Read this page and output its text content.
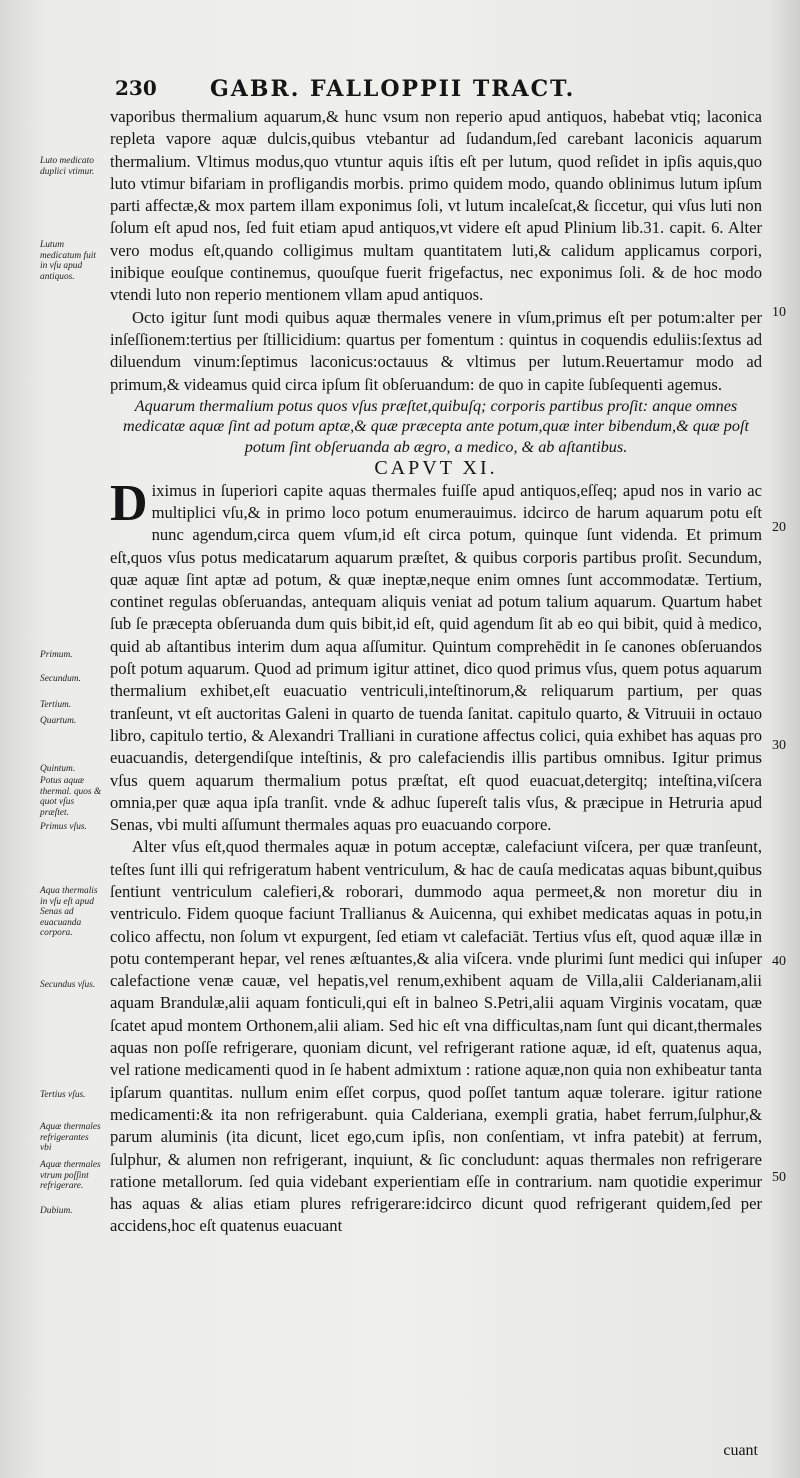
230 GABR. FALLOPPII TRACT.

vaporibus thermalium aquarum,& hunc vsum non reperio apud antiquos, habebat vtiq; laconica repleta vapore aquæ dulcis,quibus vtebantur ad ſudandum,ſed carebant laconicis aquarum thermalium. Vltimus modus,quo vtuntur aquis iſtis eſt per lutum, quod reſidet in ipſis aquis,quo luto vtimur bifariam in profligandis morbis. primo quidem modo, quando oblinimus lutum ipſum parti affectæ,& mox partem illam exponimus ſoli, vt lutum incaleſcat,& ſiccetur, qui vſus luti non ſolum eſt apud nos, ſed fuit etiam apud antiquos,vt videre eſt apud Plinium lib.31. capit. 6. Alter vero modus eſt,quando colligimus multam quantitatem luti,& calidum applicamus corpori, inibique eouſque continemus, quouſque fuerit frigefactus, nec exponimus ſoli. & de hoc modo vtendi luto non reperio mentionem vllam apud antiquos.

Octo igitur ſunt modi quibus aquæ thermales venere in vſum,primus eſt per potum:alter per inſeſſionem:tertius per ſtillicidium: quartus per fomentum : quintus in coquendis eduliis:ſextus ad diluendum vinum:ſeptimus laconicus:octauus & vltimus per lutum.Reuertamur modo ad primum,& videamus quid circa ipſum ſit obſeruandum: de quo in capite ſubſequenti agemus.

Aquarum thermalium potus quos vſus præſtet,quibuſq; corporis partibus proſit: anque omnes medicatæ aquæ ſint ad potum aptæ,& quæ præcepta ante potum,quæ inter bibendum,& quæ poſt potum ſint obſeruanda ab ægro, a medico, & ab aſtantibus.

CAPVT XI.

Diximus in ſuperiori capite aquas thermales fuiſſe apud antiquos,eſſeq; apud nos in vario ac multiplici vſu,& in primo loco potum enumerauimus. idcirco de harum aquarum potu eſt nunc agendum,circa quem vſum,id eſt circa potum, quinque ſunt videnda. Et primum eſt,quos vſus potus medicatarum aquarum præſtet, & quibus corporis partibus proſit. Secundum, quæ aquæ ſint aptæ ad potum, & quæ ineptæ,neque enim omnes ſunt accommodatæ. Tertium, continet regulas obſeruandas, antequam aliquis veniat ad potum talium aquarum. Quartum habet ſub ſe præcepta obſeruanda dum quis bibit,id eſt, quid agendum ſit ab eo qui bibit, quid à medico, quid ab aſtantibus interim dum aqua aſſumitur. Quintum comprehēdit in ſe canones obſeruandos poſt potum aquarum. Quod ad primum igitur attinet, dico quod primus vſus, quem potus aquarum thermalium exhibet,eſt euacuatio ventriculi,inteſtinorum,& reliquarum partium, per quas tranſeunt, vt eſt auctoritas Galeni in quarto de tuenda ſanitat. capitulo quarto, & Vitruuii in octauo libro, capitulo tertio, & Alexandri Tralliani in curatione affectus colici, quia exhibet has aquas pro euacuandis, detergendiſque inteſtinis, & pro calefaciendis illis partibus omnibus. Igitur primus vſus quem aquarum thermalium potus præſtat, eſt quod euacuat,detergitq; inteſtina,viſcera omnia,per quæ aqua ipſa tranſit. vnde & adhuc ſupereſt talis vſus, & præcipue in Hetruria apud Senas, vbi multi aſſumunt thermales aquas pro euacuando corpore.

Alter vſus eſt,quod thermales aquæ in potum acceptæ, calefaciunt viſcera, per quæ tranſeunt, teſtes ſunt illi qui refrigeratum habent ventriculum, & hac de cauſa medicatas aquas bibunt,quibus ſentiunt ventriculum calefieri,& roborari, dummodo aqua permeet,& non moretur diu in ventriculo. Fidem quoque faciunt Trallianus & Auicenna, qui exhibet medicatas aquas in potu,in colico affectu, non ſolum vt expurgent, ſed etiam vt calefaciāt. Tertius vſus eſt, quod aquæ illæ in potu contemperant hepar, vel renes æſtuantes,& alia viſcera. vnde plurimi ſunt medici qui inſuper calefactione venæ cauæ, vel hepatis,vel renum,exhibent aquam de Villa,alii Calderianam,alii aquam Brandulæ,alii aquam fonticuli,qui eſt in balneo S.Petri,alii aquam Virginis vocatam, quæ ſcatet apud montem Orthonem,alii aliam. Sed hic eſt vna difficultas,nam ſunt qui dicant,thermales aquas non poſſe refrigerare, quoniam dicunt, vel refrigerant ratione aquæ, id eſt, quatenus aqua, vel ratione medicamenti quod in ſe habent admixtum : ratione aquæ,non quia non exhibeatur tanta ipſarum quantitas. nullum enim eſſet corpus, quod poſſet tantum aquæ tolerare. igitur ratione medicamenti:& ita non refrigerabunt. quia Calderiana, exempli gratia, habet ferrum,ſulphur,& parum aluminis (ita dicunt, licet ego,cum ipſis, non conſentiam, vt infra patebit) at ferrum, ſulphur, & alumen non refrigerant, inquiunt, & ſic concludunt: aquas thermales non refrigerare ratione metallorum. ſed quia videbant experientiam eſſe in contrarium. nam quotidie experimur has aquas & alias etiam plures refrigerare:idcirco dicunt quod refrigerant quidem,ſed per accidens,hoc eſt quatenus euacuant

Luto medicato duplici vtimur.
Lutum medicatum fuit in vſu apud antiquos.
Primum.
Secundum.
Tertium.
Quartum.
Quintum.
Potus aquæ thermal. quos & quot vſus præſtet.
Primus vſus.
Aqua thermalis in vſu eſt apud Senas ad euacuanda corpora.
Secundus vſus.
Tertius vſus.
Aquæ thermales refrigerantes vbi
Aquæ thermales vtrum poſſint refrigerare.
Dubium.
10
20
30
40
50
cuant
